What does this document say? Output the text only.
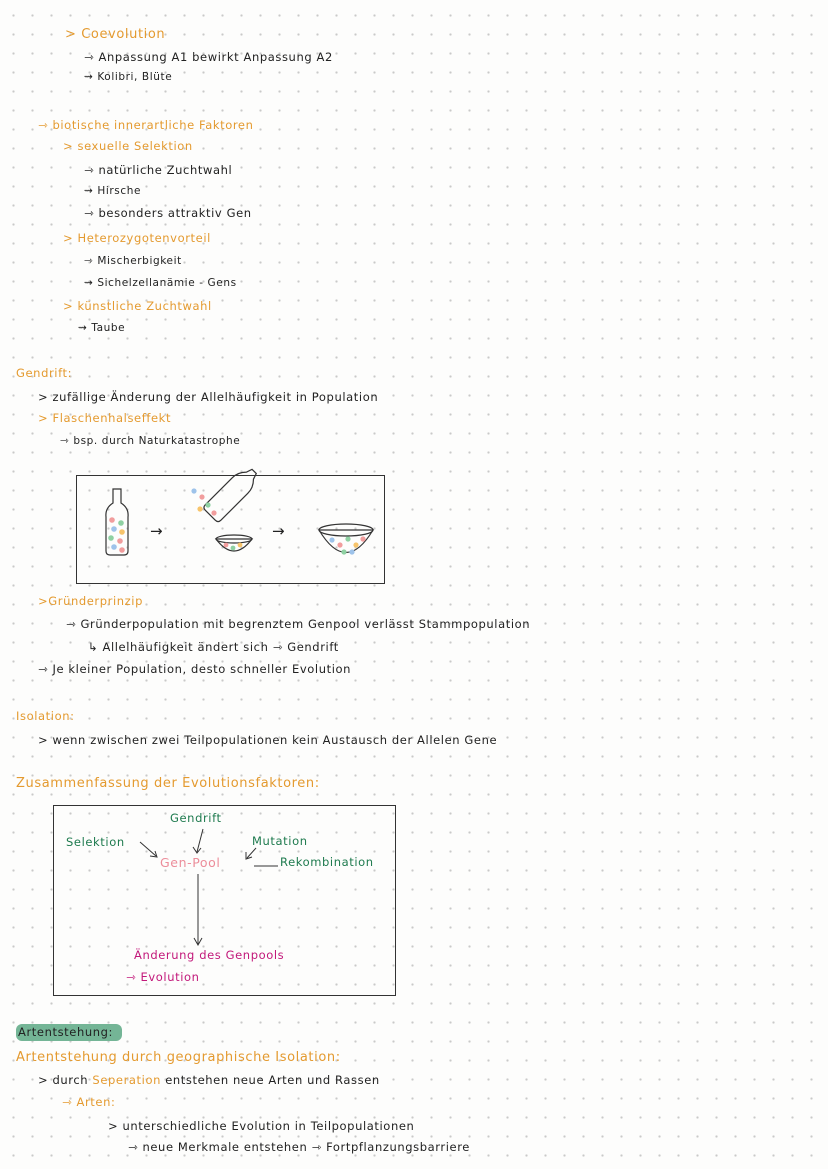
> Coevolution
⇾ Anpassung A1 bewirkt Anpassung A2
⇝ Kolibri, Blüte
⇾ biotische innerartliche Faktoren
> sexuelle Selektion
⇾ natürliche Zuchtwahl
⇝ Hirsche
⇾ besonders attraktiv Gen
> Heterozygotenvorteil
⇾ Mischerbigkeit
⇝ Sichelzellanämie - Gens
> künstliche Zuchtwahl
⇝ Taube
Gendrift:
> zufällige Änderung der Allelhäufigkeit in Population
> Flaschenhalseffekt
⇾ bsp. durch Naturkatastrophe
→	→
>Gründerprinzip
⇾ Gründerpopulation mit begrenztem Genpool verlässt Stammpopulation
↳ Allelhäufigkeit ändert sich ⇾ Gendrift
⇾ Je kleiner Population, desto schneller Evolution
Isolation:
> wenn zwischen zwei Teilpopulationen kein Austausch der Allelen Gene
Zusammenfassung der Evolutionsfaktoren:
Gendrift
Selektion	Mutation
Gen-Pool	Rekombination
Änderung des Genpools
⇾ Evolution
Artentstehung:
Artentstehung durch geographische Isolation:
> durch Seperation entstehen neue Arten und Rassen
⇾ Arten:
> unterschiedliche Evolution in Teilpopulationen
⇾ neue Merkmale entstehen ⇾ Fortpflanzungsbarriere
